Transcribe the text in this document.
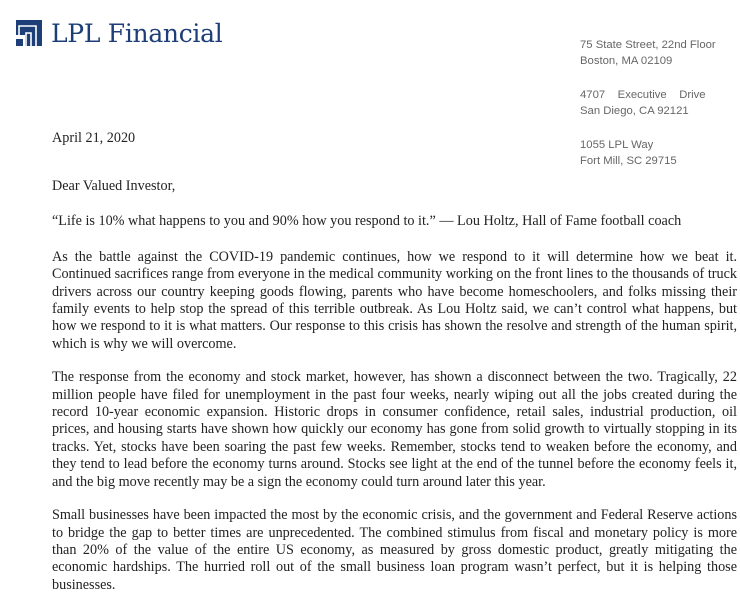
LPL Financial	75 State Street, 22nd Floor
Boston, MA 02109
4707    Executive    Drive
San Diego, CA 92121
1055 LPL Way
Fort Mill, SC 29715
April 21, 2020

Dear Valued Investor,

“Life is 10% what happens to you and 90% how you respond to it.” — Lou Holtz, Hall of Fame football coach

As the battle against the COVID-19 pandemic continues, how we respond to it will determine how we beat it. Continued sacrifices range from everyone in the medical community working on the front lines to the thousands of truck drivers across our country keeping goods flowing, parents who have become homeschoolers, and folks missing their family events to help stop the spread of this terrible outbreak. As Lou Holtz said, we can’t control what happens, but how we respond to it is what matters. Our response to this crisis has shown the resolve and strength of the human spirit, which is why we will overcome.

The response from the economy and stock market, however, has shown a disconnect between the two. Tragically, 22 million people have filed for unemployment in the past four weeks, nearly wiping out all the jobs created during the record 10-year economic expansion. Historic drops in consumer confidence, retail sales, industrial production, oil prices, and housing starts have shown how quickly our economy has gone from solid growth to virtually stopping in its tracks. Yet, stocks have been soaring the past few weeks. Remember, stocks tend to weaken before the economy, and they tend to lead before the economy turns around. Stocks see light at the end of the tunnel before the economy feels it, and the big move recently may be a sign the economy could turn around later this year.

Small businesses have been impacted the most by the economic crisis, and the government and Federal Reserve actions to bridge the gap to better times are unprecedented. The combined stimulus from fiscal and monetary policy is more than 20% of the value of the entire US economy, as measured by gross domestic product, greatly mitigating the economic hardships. The hurried roll out of the small business loan program wasn’t perfect, but it is helping those businesses.
